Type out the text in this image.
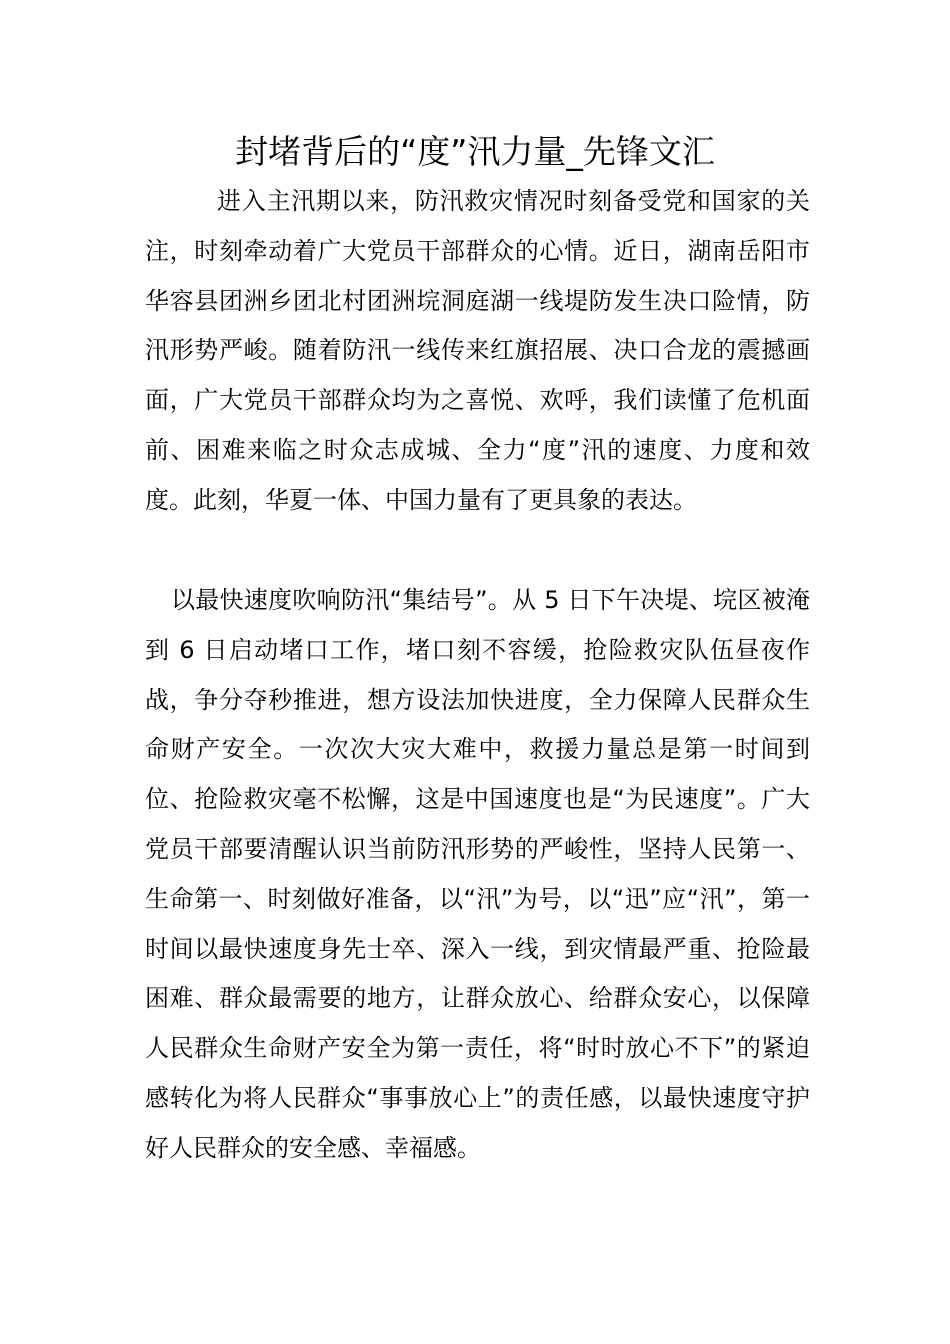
封堵背后的“度”汛力量_先锋文汇

进入主汛期以来，防汛救灾情况时刻备受党和国家的关注，时刻牵动着广大党员干部群众的心情。近日，湖南岳阳市华容县团洲乡团北村团洲垸洞庭湖一线堤防发生决口险情，防汛形势严峻。随着防汛一线传来红旗招展、决口合龙的震撼画面，广大党员干部群众均为之喜悦、欢呼，我们读懂了危机面前、困难来临之时众志成城、全力“度”汛的速度、力度和效度。此刻，华夏一体、中国力量有了更具象的表达。

以最快速度吹响防汛“集结号”。从 5 日下午决堤、垸区被淹到 6 日启动堵口工作，堵口刻不容缓，抢险救灾队伍昼夜作战，争分夺秒推进，想方设法加快进度，全力保障人民群众生命财产安全。一次次大灾大难中，救援力量总是第一时间到位、抢险救灾毫不松懈，这是中国速度也是“为民速度”。广大党员干部要清醒认识当前防汛形势的严峻性，坚持人民第一、生命第一、时刻做好准备，以“汛”为号，以“迅”应“汛”，第一时间以最快速度身先士卒、深入一线，到灾情最严重、抢险最困难、群众最需要的地方，让群众放心、给群众安心，以保障人民群众生命财产安全为第一责任，将“时时放心不下”的紧迫感转化为将人民群众“事事放心上”的责任感，以最快速度守护好人民群众的安全感、幸福感。
